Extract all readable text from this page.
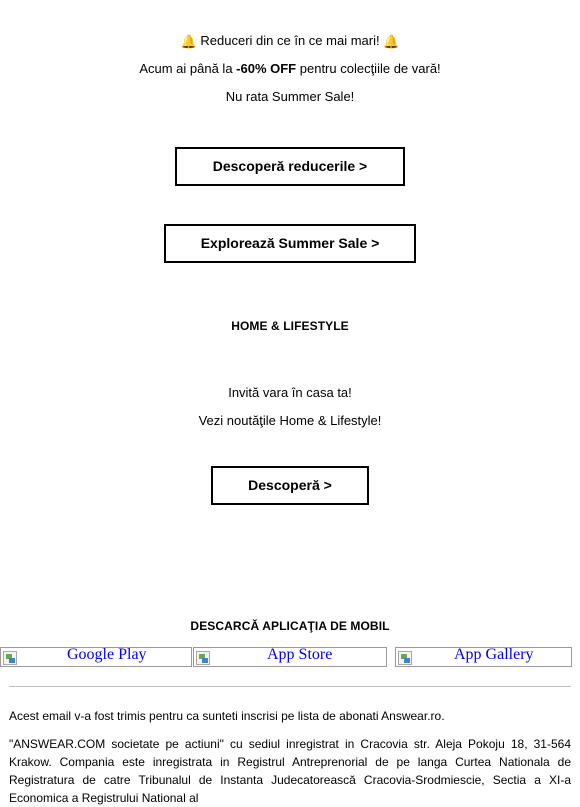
🔔 Reduceri din ce în ce mai mari! 🔔
Acum ai până la -60% OFF pentru colecţiile de vară!
Nu rata Summer Sale!
Descoperă reducerile >
Explorează Summer Sale >
HOME & LIFESTYLE
Invită vara în casa ta!
Vezi noutăţile Home & Lifestyle!
Descoperă >
DESCARCĂ APLICAŢIA DE MOBIL
Google Play	App Store	App Gallery
Acest email v-a fost trimis pentru ca sunteti inscrisi pe lista de abonati Answear.ro.
"ANSWEAR.COM societate pe actiuni" cu sediul inregistrat in Cracovia str. Aleja Pokoju 18, 31-564 Krakow. Compania este inregistrata in Registrul Antreprenorial de pe langa Curtea Nationala de Registratura de catre Tribunalul de Instanta Judecatorească Cracovia-Srodmiescie, Sectia a XI-a Economica a Registrului National al
